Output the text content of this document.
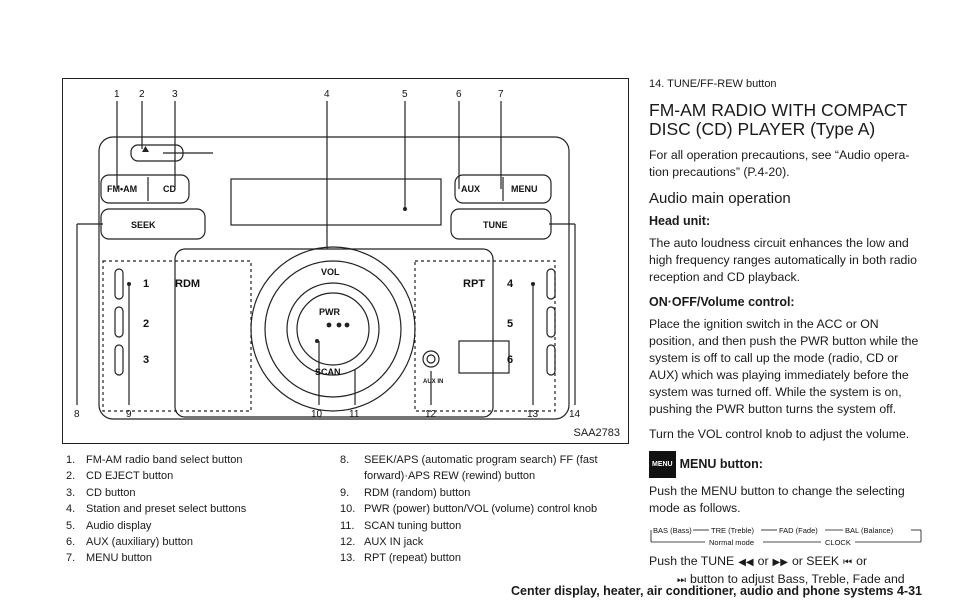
FM•AM	CD	AUX	MENU
SEEK	TUNE
RDM	RPT
VOL
PWR
SCAN
AUX IN
1
2
3
4
5
6
1 2	3	4	5	6	7
8	9	10	11	12	13	14
SAA2783
1. FM-AM radio band select button
2. CD EJECT button
3. CD button
4. Station and preset select buttons
5. Audio display
6. AUX (auxiliary) button
7. MENU button
8.	SEEK/APS (automatic program search) FF (fast forward)·APS REW (rewind) button
9.	RDM (random) button
10. PWR (power) button/VOL (volume) control knob
11. SCAN tuning button
12. AUX IN jack
13. RPT (repeat) button
14. TUNE/FF-REW button
FM-AM RADIO WITH COMPACT DISC (CD) PLAYER (Type A)

For all operation precautions, see “Audio opera-tion precautions” (P.4-20).

Audio main operation
Head unit:

The auto loudness circuit enhances the low and high frequency ranges automatically in both radio reception and CD playback.

ON·OFF/Volume control:

Place the ignition switch in the ACC or ON position, and then push the PWR button while the system is off to call up the mode (radio, CD or AUX) which was playing immediately before the system was turned off. While the system is on, pushing the PWR button turns the system off.

Turn the VOL control knob to adjust the volume.

MENU MENU button:

Push the MENU button to change the selecting mode as follows.

BAS (Bass)	TRE (Treble)	FAD (Fade)	BAL (Balance)
Normal mode	CLOCK

Push the TUNE ◀◀ or ▶▶ or SEEK ⏮ or
⏭ button to adjust Bass, Treble, Fade and

Center display, heater, air conditioner, audio and phone systems 4-31
